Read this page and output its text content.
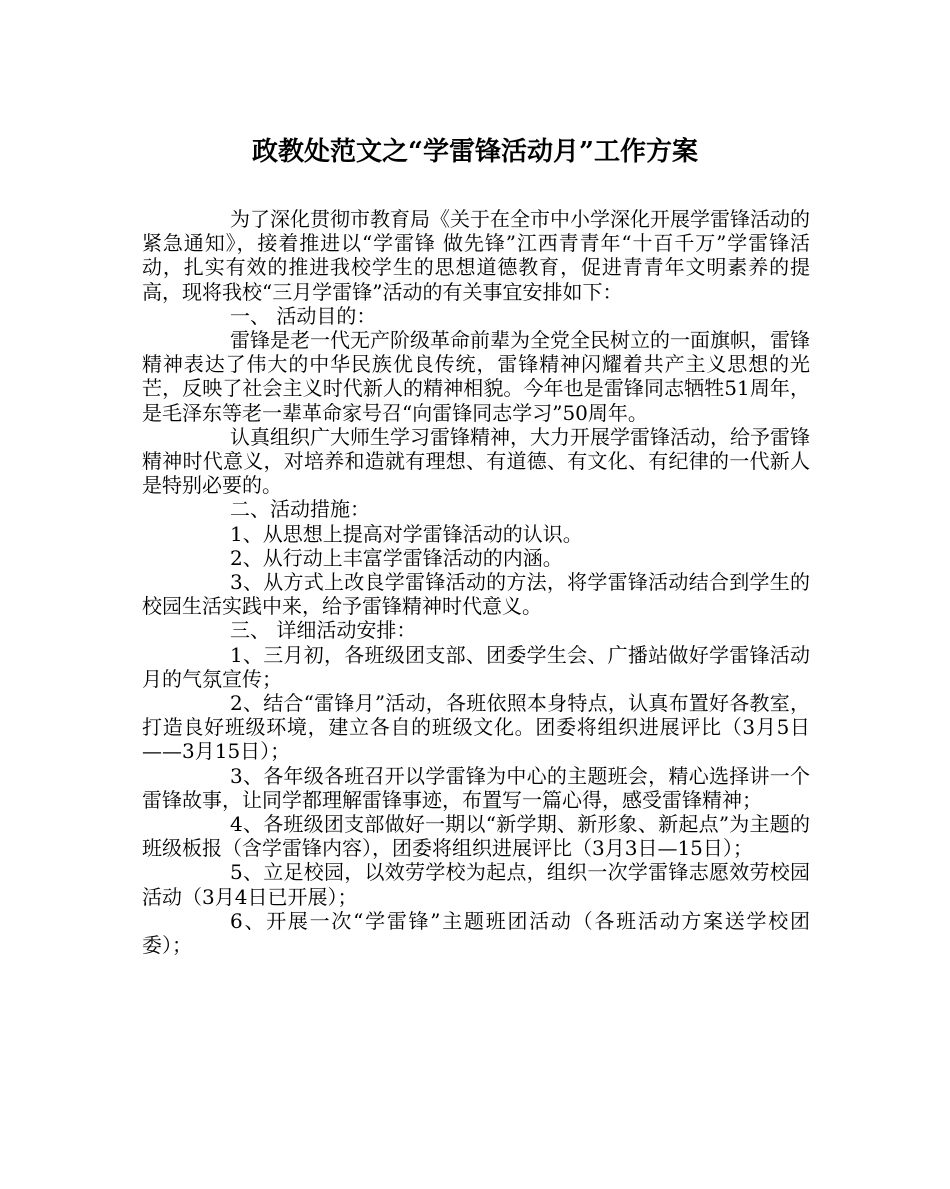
政教处范文之“学雷锋活动月”工作方案

为了深化贯彻市教育局《关于在全市中小学深化开展学雷锋活动的紧急通知》，接着推进以“学雷锋 做先锋”江西青青年“十百千万”学雷锋活动，扎实有效的推进我校学生的思想道德教育，促进青青年文明素养的提高，现将我校“三月学雷锋”活动的有关事宜安排如下：

一、 活动目的：

雷锋是老一代无产阶级革命前辈为全党全民树立的一面旗帜，雷锋精神表达了伟大的中华民族优良传统，雷锋精神闪耀着共产主义思想的光芒，反映了社会主义时代新人的精神相貌。今年也是雷锋同志牺牲51周年，是毛泽东等老一辈革命家号召“向雷锋同志学习”50周年。

认真组织广大师生学习雷锋精神，大力开展学雷锋活动，给予雷锋精神时代意义，对培养和造就有理想、有道德、有文化、有纪律的一代新人是特别必要的。

二、活动措施：

1、从思想上提高对学雷锋活动的认识。

2、从行动上丰富学雷锋活动的内涵。

3、从方式上改良学雷锋活动的方法，将学雷锋活动结合到学生的校园生活实践中来，给予雷锋精神时代意义。

三、 详细活动安排：

1、三月初，各班级团支部、团委学生会、广播站做好学雷锋活动月的气氛宣传；

2、结合“雷锋月”活动，各班依照本身特点，认真布置好各教室，打造良好班级环境，建立各自的班级文化。团委将组织进展评比（3月5日——3月15日）；

3、各年级各班召开以学雷锋为中心的主题班会，精心选择讲一个雷锋故事，让同学都理解雷锋事迹，布置写一篇心得，感受雷锋精神；

4、各班级团支部做好一期以“新学期、新形象、新起点”为主题的班级板报（含学雷锋内容），团委将组织进展评比（3月3日—15日）；

5、立足校园，以效劳学校为起点，组织一次学雷锋志愿效劳校园活动（3月4日已开展）；

6、开展一次“学雷锋”主题班团活动（各班活动方案送学校团委）；
